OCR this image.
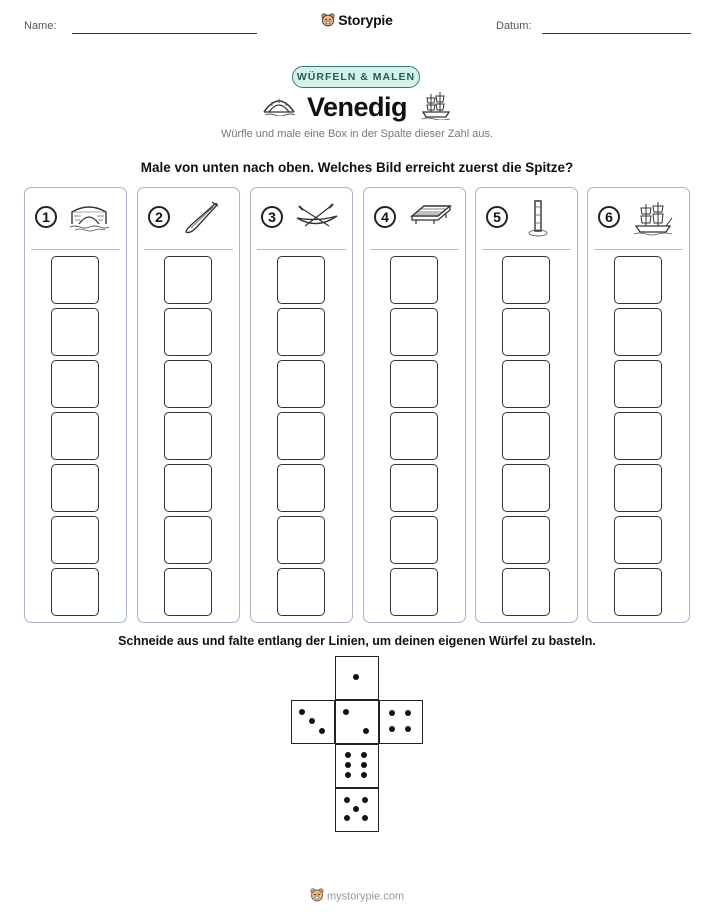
Name:	Storypie	Datum:
WÜRFELN & MALEN
Venedig
Würfle und male eine Box in der Spalte dieser Zahl aus.
Male von unten nach oben. Welches Bild erreicht zuerst die Spitze?
1	2	3	4	5	6
Schneide aus und falte entlang der Linien, um deinen eigenen Würfel zu basteln.
mystorypie.com
